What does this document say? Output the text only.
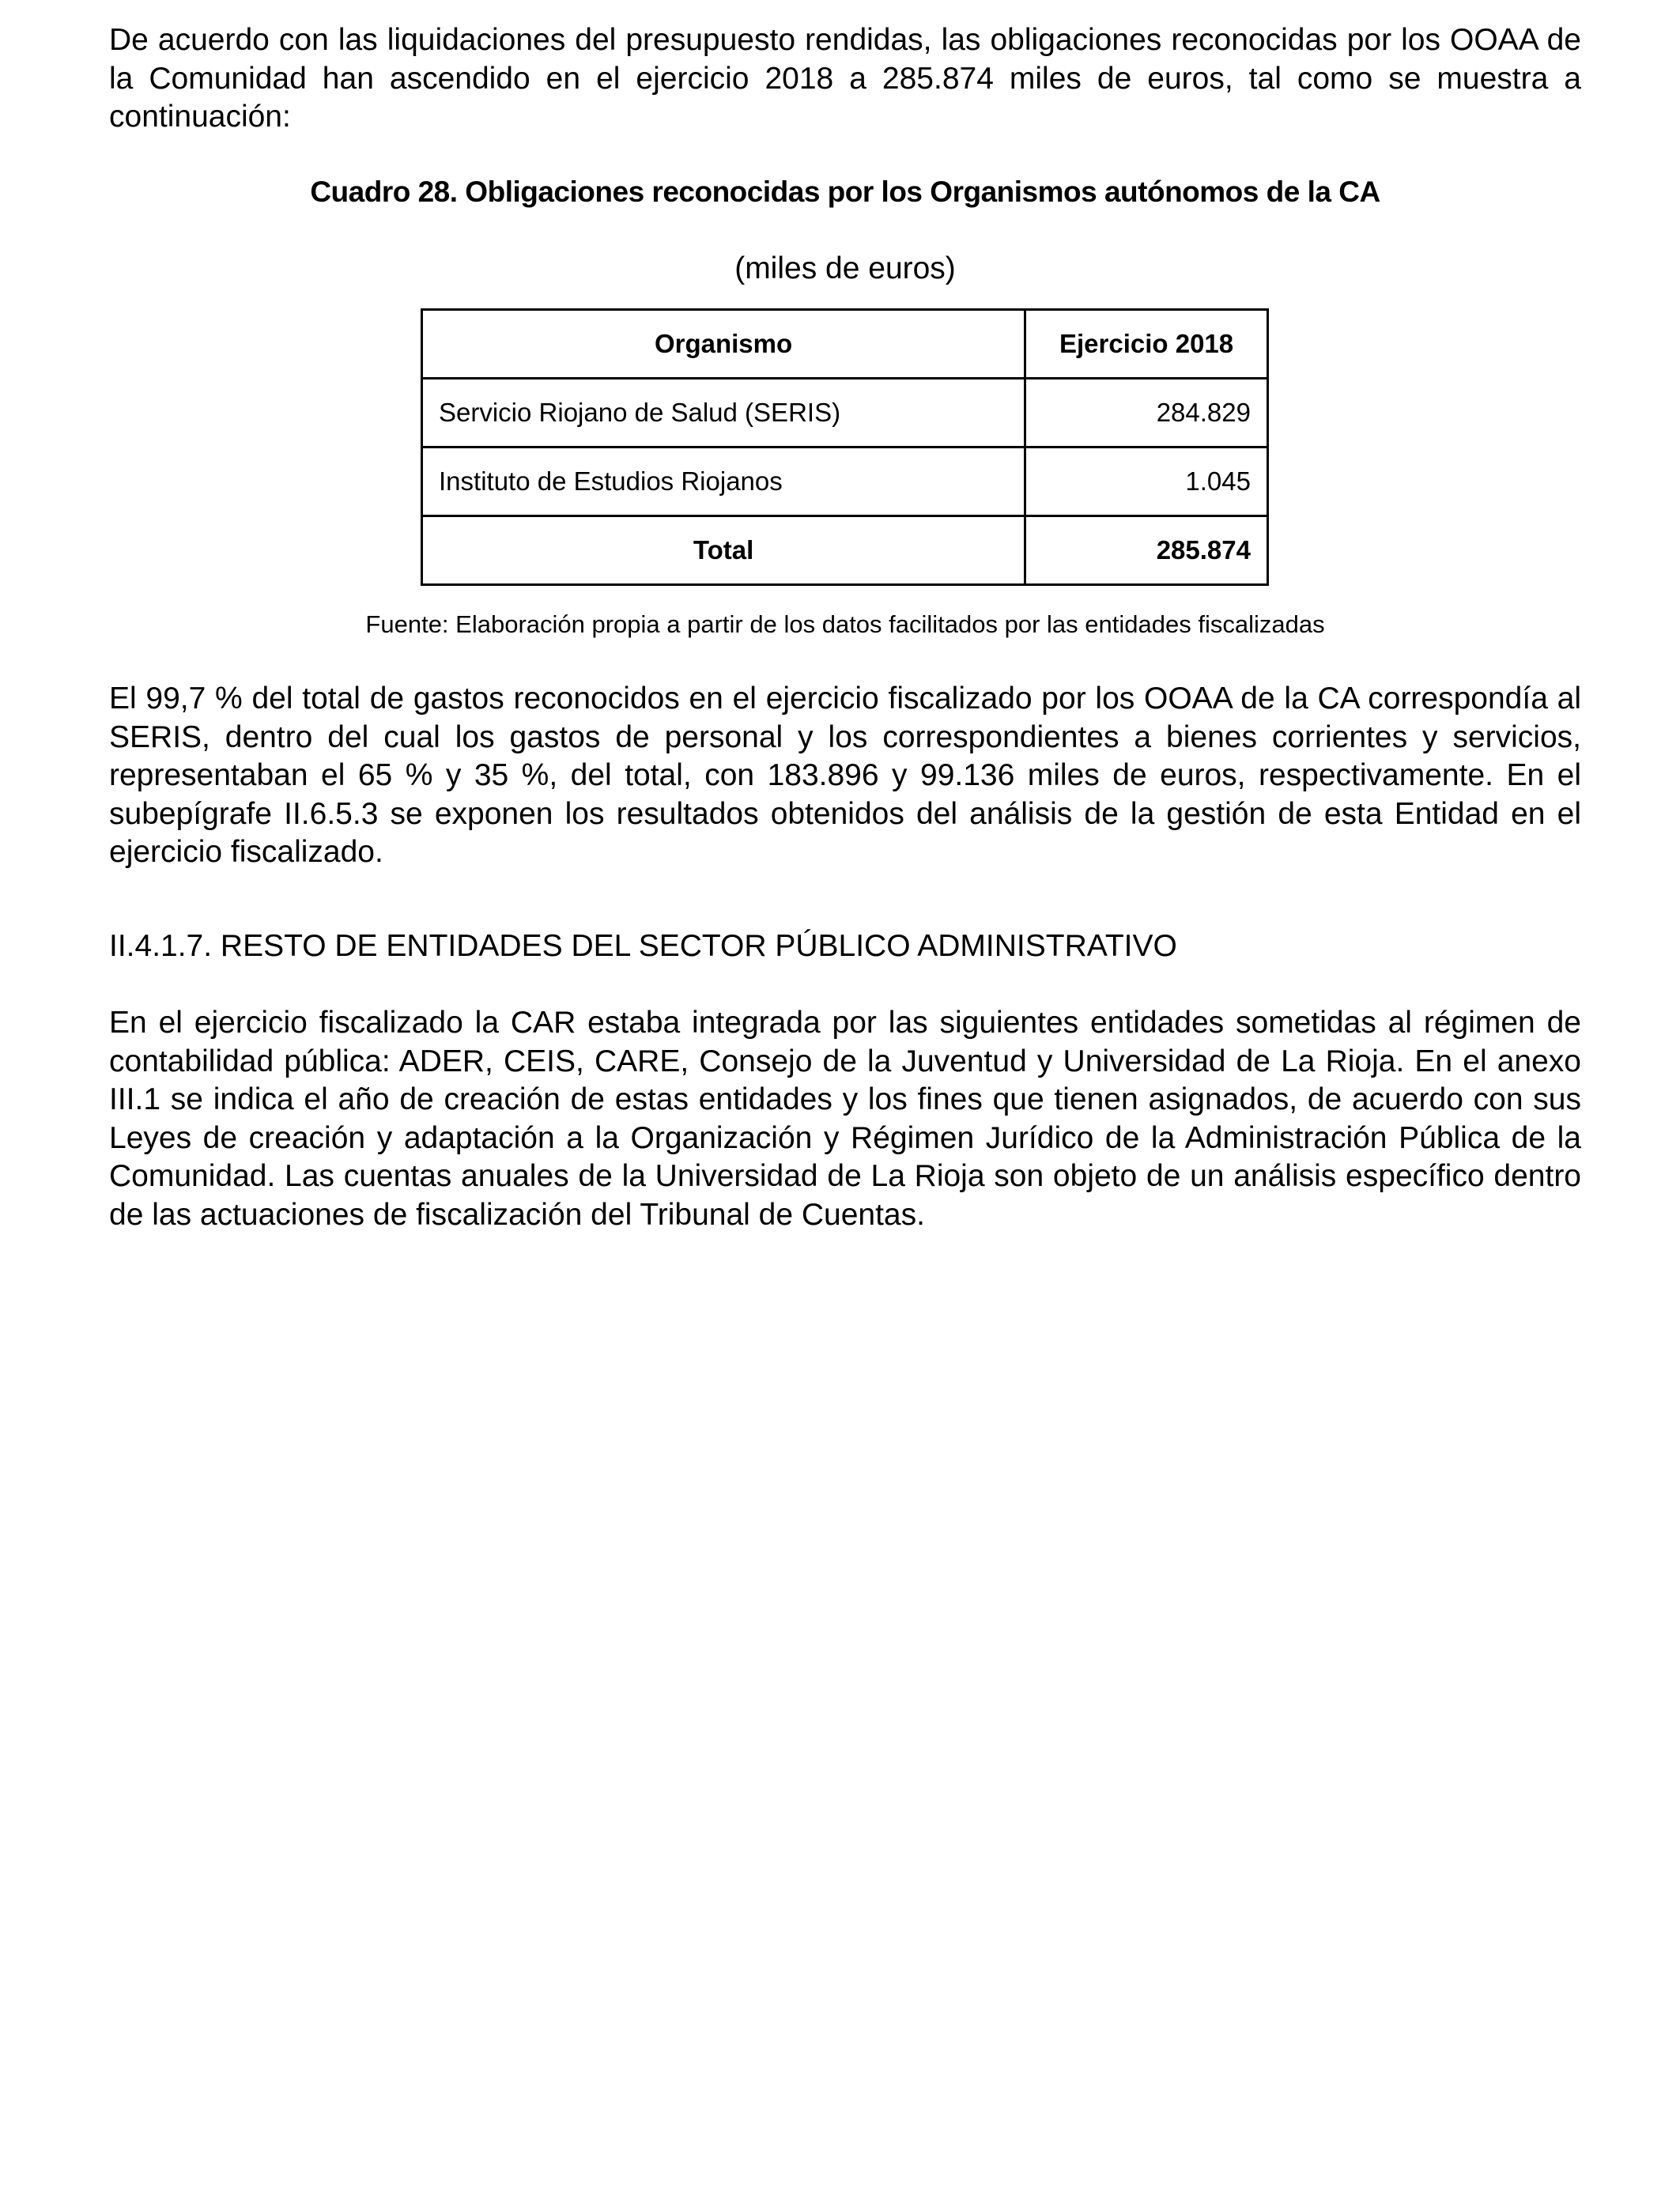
De acuerdo con las liquidaciones del presupuesto rendidas, las obligaciones reconocidas por los OOAA de la Comunidad han ascendido en el ejercicio 2018 a 285.874 miles de euros, tal como se muestra a continuación:

Cuadro 28. Obligaciones reconocidas por los Organismos autónomos de la CA

(miles de euros)

Organismo	Ejercicio 2018
Servicio Riojano de Salud (SERIS)	284.829
Instituto de Estudios Riojanos	1.045
Total	285.874

Fuente: Elaboración propia a partir de los datos facilitados por las entidades fiscalizadas

El 99,7 % del total de gastos reconocidos en el ejercicio fiscalizado por los OOAA de la CA correspondía al SERIS, dentro del cual los gastos de personal y los correspondientes a bienes corrientes y servicios, representaban el 65 % y 35 %, del total, con 183.896 y 99.136 miles de euros, respectivamente. En el subepígrafe II.6.5.3 se exponen los resultados obtenidos del análisis de la gestión de esta Entidad en el ejercicio fiscalizado.

II.4.1.7. RESTO DE ENTIDADES DEL SECTOR PÚBLICO ADMINISTRATIVO

En el ejercicio fiscalizado la CAR estaba integrada por las siguientes entidades sometidas al régimen de contabilidad pública: ADER, CEIS, CARE, Consejo de la Juventud y Universidad de La Rioja. En el anexo III.1 se indica el año de creación de estas entidades y los fines que tienen asignados, de acuerdo con sus Leyes de creación y adaptación a la Organización y Régimen Jurídico de la Administración Pública de la Comunidad. Las cuentas anuales de la Universidad de La Rioja son objeto de un análisis específico dentro de las actuaciones de fiscalización del Tribunal de Cuentas.
